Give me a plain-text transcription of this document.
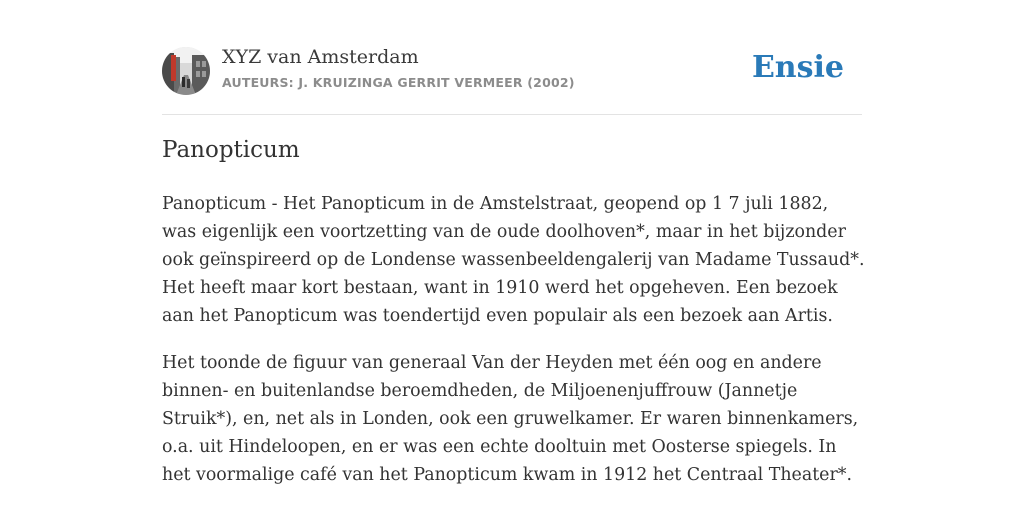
XYZ van Amsterdam
AUTEURS: J. KRUIZINGA GERRIT VERMEER (2002)	Ensie
Panopticum

Panopticum - Het Panopticum in de Amstelstraat, geopend op 1 7 juli 1882, was eigenlijk een voortzetting van de oude doolhoven*, maar in het bijzonder ook geïnspireerd op de Londense wassenbeeldengalerij van Madame Tussaud*. Het heeft maar kort bestaan, want in 1910 werd het opgeheven. Een bezoek aan het Panopticum was toendertijd even populair als een bezoek aan Artis.

Het toonde de figuur van generaal Van der Heyden met één oog en andere binnen- en buitenlandse beroemdheden, de Miljoenenjuffrouw (Jannetje Struik*), en, net als in Londen, ook een gruwelkamer. Er waren binnenkamers, o.a. uit Hindeloopen, en er was een echte dooltuin met Oosterse spiegels. In het voormalige café van het Panopticum kwam in 1912 het Centraal Theater*.
